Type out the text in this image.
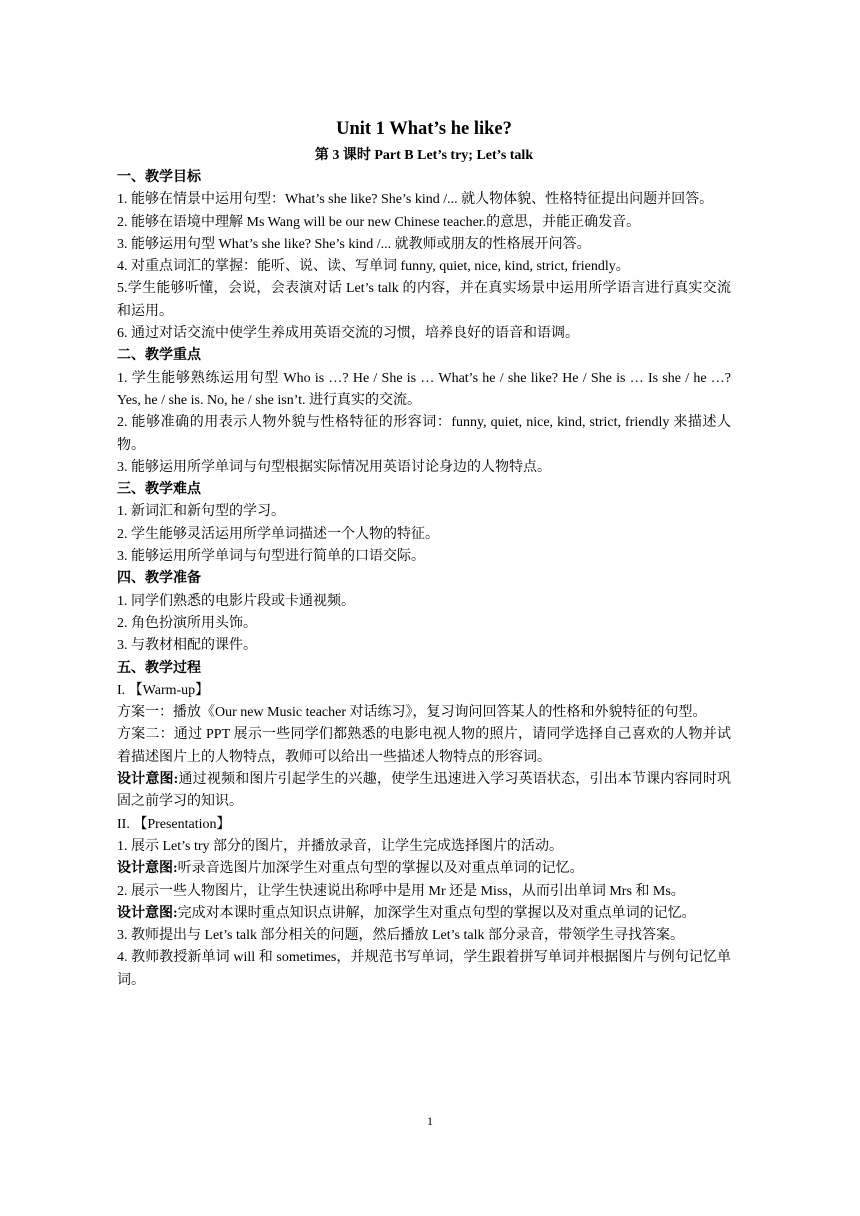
Unit 1 What’s he like?
第 3 课时 Part B Let’s try; Let’s talk
一、教学目标
1. 能够在情景中运用句型：What’s she like? She’s kind /... 就人物体貌、性格特征提出问题并回答。
2. 能够在语境中理解 Ms Wang will be our new Chinese teacher.的意思，并能正确发音。
3. 能够运用句型 What’s she like? She’s kind /... 就教师或朋友的性格展开问答。
4. 对重点词汇的掌握：能听、说、读、写单词 funny, quiet, nice, kind, strict, friendly。
5.学生能够听懂，会说，会表演对话 Let’s talk 的内容，并在真实场景中运用所学语言进行真实交流和运用。
6. 通过对话交流中使学生养成用英语交流的习惯，培养良好的语音和语调。
二、教学重点
1. 学生能够熟练运用句型 Who is …? He / She is … What’s he / she like? He / She is … Is she / he …? Yes, he / she is. No, he / she isn’t. 进行真实的交流。
2. 能够准确的用表示人物外貌与性格特征的形容词：funny, quiet, nice, kind, strict, friendly 来描述人物。
3. 能够运用所学单词与句型根据实际情况用英语讨论身边的人物特点。
三、教学难点
1. 新词汇和新句型的学习。
2. 学生能够灵活运用所学单词描述一个人物的特征。
3. 能够运用所学单词与句型进行简单的口语交际。
四、教学准备
1. 同学们熟悉的电影片段或卡通视频。
2. 角色扮演所用头饰。
3. 与教材相配的课件。
五、教学过程
I. 【Warm-up】
方案一：播放《Our new Music teacher 对话练习》，复习询问回答某人的性格和外貌特征的句型。
方案二：通过 PPT 展示一些同学们都熟悉的电影电视人物的照片，请同学选择自己喜欢的人物并试着描述图片上的人物特点，教师可以给出一些描述人物特点的形容词。
设计意图:通过视频和图片引起学生的兴趣，使学生迅速进入学习英语状态，引出本节课内容同时巩固之前学习的知识。
II. 【Presentation】
1. 展示 Let’s try 部分的图片，并播放录音，让学生完成选择图片的活动。
设计意图:听录音选图片加深学生对重点句型的掌握以及对重点单词的记忆。
2. 展示一些人物图片，让学生快速说出称呼中是用 Mr 还是 Miss，从而引出单词 Mrs 和 Ms。
设计意图:完成对本课时重点知识点讲解，加深学生对重点句型的掌握以及对重点单词的记忆。
3. 教师提出与 Let’s talk 部分相关的问题，然后播放 Let’s talk 部分录音，带领学生寻找答案。
4. 教师教授新单词 will 和 sometimes，并规范书写单词，学生跟着拼写单词并根据图片与例句记忆单词。
1
